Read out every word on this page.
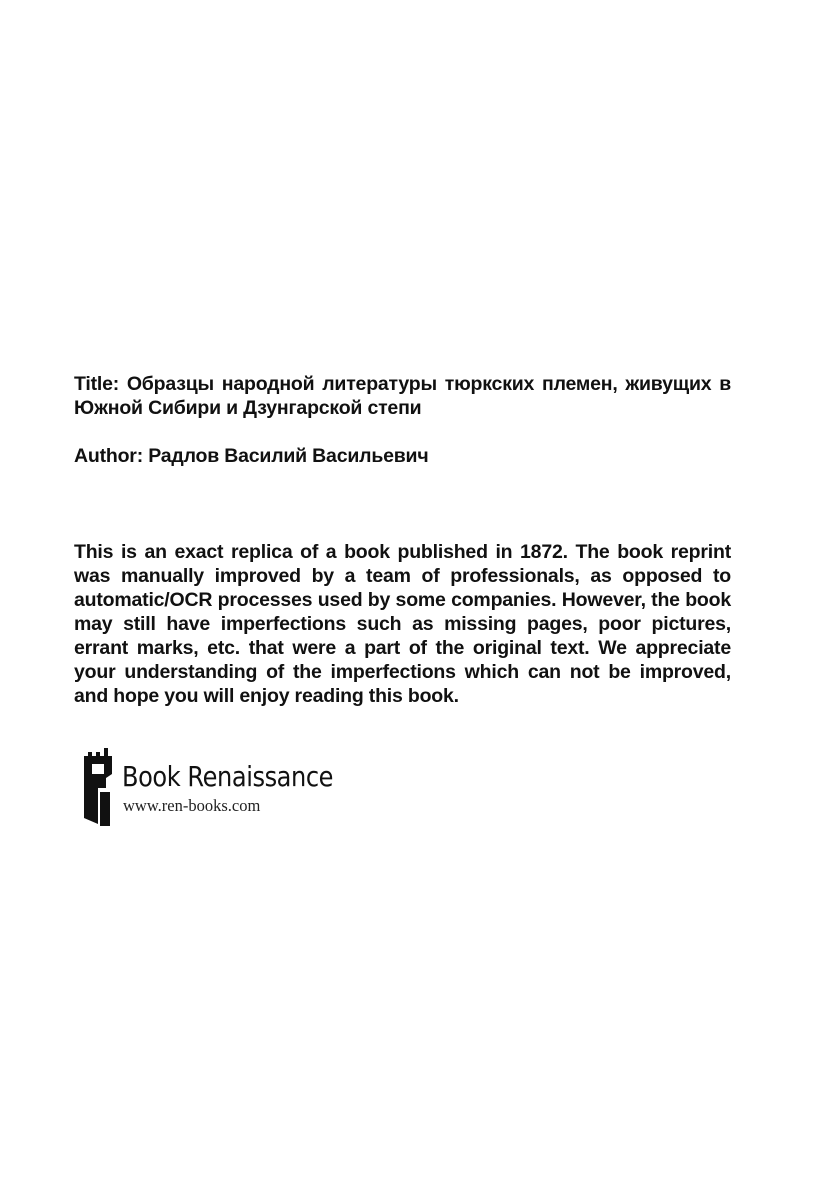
Title: Образцы народной литературы тюркских племен, живущих в Южной Сибири и Дзунгарской степи
Author: Радлов Василий Васильевич
This is an exact replica of a book published in 1872. The book reprint was manually improved by a team of professionals, as opposed to automatic/OCR processes used by some companies. However, the book may still have imperfections such as missing pages, poor pictures, errant marks, etc. that were a part of the original text. We appreciate your understanding of the imperfections which can not be improved, and hope you will enjoy reading this book.
Book Renaissance
www.ren-books.com
